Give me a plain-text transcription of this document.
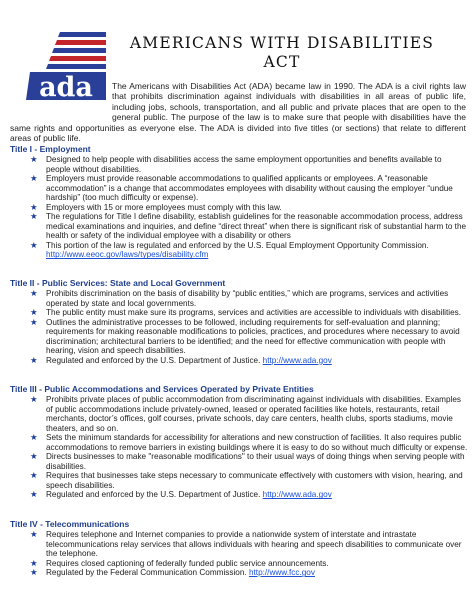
ada
AMERICANS WITH DISABILITIES ACT
The Americans with Disabilities Act (ADA) became law in 1990. The ADA is a civil rights law that prohibits discrimination against individuals with disabilities in all areas of public life, including jobs, schools, transportation, and all public and private places that are open to the general public. The purpose of the law is to make sure that people with disabilities have the same rights and opportunities as everyone else. The ADA is divided into five titles (or sections) that relate to different areas of public life.
Title I - Employment
★ Designed to help people with disabilities access the same employment opportunities and benefits available to people without disabilities.
★ Employers must provide reasonable accommodations to qualified applicants or employees. A “reasonable accommodation” is a change that accommodates employees with disability without causing the employer “undue hardship” (too much difficulty or expense).
★ Employers with 15 or more employees must comply with this law.
★ The regulations for Title I define disability, establish guidelines for the reasonable accommodation process, address medical examinations and inquiries, and define “direct threat” when there is significant risk of substantial harm to the health or safety of the individual employee with a disability or others
★ This portion of the law is regulated and enforced by the U.S. Equal Employment Opportunity Commission. http://www.eeoc.gov/laws/types/disability.cfm
Title II - Public Services: State and Local Government
★ Prohibits discrimination on the basis of disability by “public entities,” which are programs, services and activities operated by state and local governments.
★ The public entity must make sure its programs, services and activities are accessible to individuals with disabilities.
★ Outlines the administrative processes to be followed, including requirements for self-evaluation and planning; requirements for making reasonable modifications to policies, practices, and procedures where necessary to avoid discrimination; architectural barriers to be identified; and the need for effective communication with people with hearing, vision and speech disabilities.
★ Regulated and enforced by the U.S. Department of Justice. http://www.ada.gov
Title III - Public Accommodations and Services Operated by Private Entities
★ Prohibits private places of public accommodation from discriminating against individuals with disabilities. Examples of public accommodations include privately-owned, leased or operated facilities like hotels, restaurants, retail merchants, doctor’s offices, golf courses, private schools, day care centers, health clubs, sports stadiums, movie theaters, and so on.
★ Sets the minimum standards for accessibility for alterations and new construction of facilities. It also requires public accommodations to remove barriers in existing buildings where it is easy to do so without much difficulty or expense.
★ Directs businesses to make "reasonable modifications" to their usual ways of doing things when serving people with disabilities.
★ Requires that businesses take steps necessary to communicate effectively with customers with vision, hearing, and speech disabilities.
★ Regulated and enforced by the U.S. Department of Justice. http://www.ada.gov
Title IV - Telecommunications
★ Requires telephone and Internet companies to provide a nationwide system of interstate and intrastate telecommunications relay services that allows individuals with hearing and speech disabilities to communicate over the telephone.
★ Requires closed captioning of federally funded public service announcements.
★ Regulated by the Federal Communication Commission. http://www.fcc.gov
